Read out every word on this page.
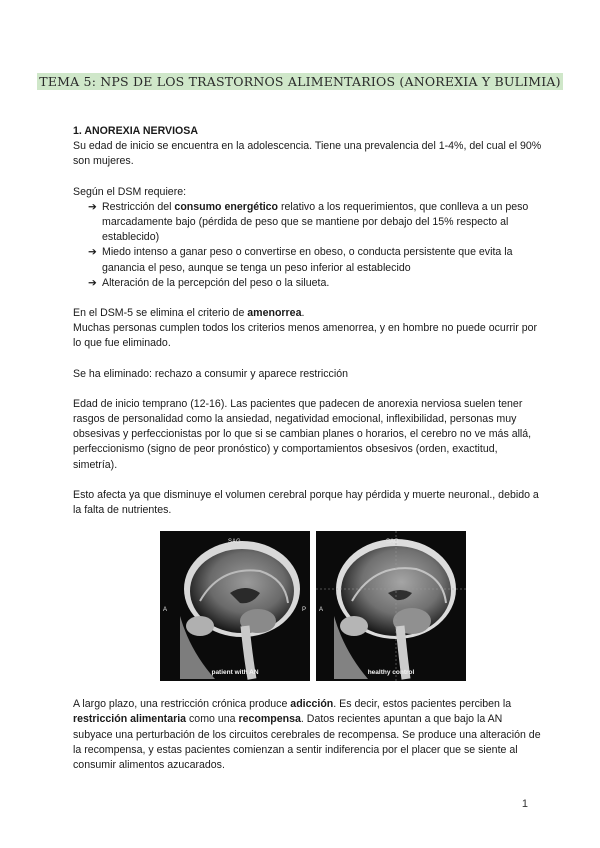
TEMA 5: NPS DE LOS TRASTORNOS ALIMENTARIOS (ANOREXIA Y BULIMIA)

1. ANOREXIA NERVIOSA

Su edad de inicio se encuentra en la adolescencia. Tiene una prevalencia del 1-4%, del cual el 90% son mujeres.

Según el DSM requiere:

➔ Restricción del consumo energético relativo a los requerimientos, que conlleva a un peso marcadamente bajo (pérdida de peso que se mantiene por debajo del 15% respecto al establecido)
➔ Miedo intenso a ganar peso o convertirse en obeso, o conducta persistente que evita la ganancia el peso, aunque se tenga un peso inferior al establecido
➔ Alteración de la percepción del peso o la silueta.

En el DSM-5 se elimina el criterio de amenorrea.

Muchas personas cumplen todos los criterios menos amenorrea, y en hombre no puede ocurrir por lo que fue eliminado.

Se ha eliminado: rechazo a consumir y aparece restricción

Edad de inicio temprano (12-16). Las pacientes que padecen de anorexia nerviosa suelen tener rasgos de personalidad como la ansiedad, negatividad emocional, inflexibilidad, personas muy obsesivas y perfeccionistas por lo que si se cambian planes o horarios, el cerebro no ve más allá, perfeccionismo (signo de peor pronóstico) y comportamientos obsesivos (orden, exactitud, simetría).

Esto afecta ya que disminuye el volumen cerebral porque hay pérdida y muerte neuronal., debido a la falta de nutrientes.

SAG
A	P
patient with AN
SAG
A
healthy control

A largo plazo, una restricción crónica produce adicción. Es decir, estos pacientes perciben la restricción alimentaria como una recompensa. Datos recientes apuntan a que bajo la AN subyace una perturbación de los circuitos cerebrales de recompensa. Se produce una alteración de la recompensa, y estas pacientes comienzan a sentir indiferencia por el placer que se siente al consumir alimentos azucarados.

1
